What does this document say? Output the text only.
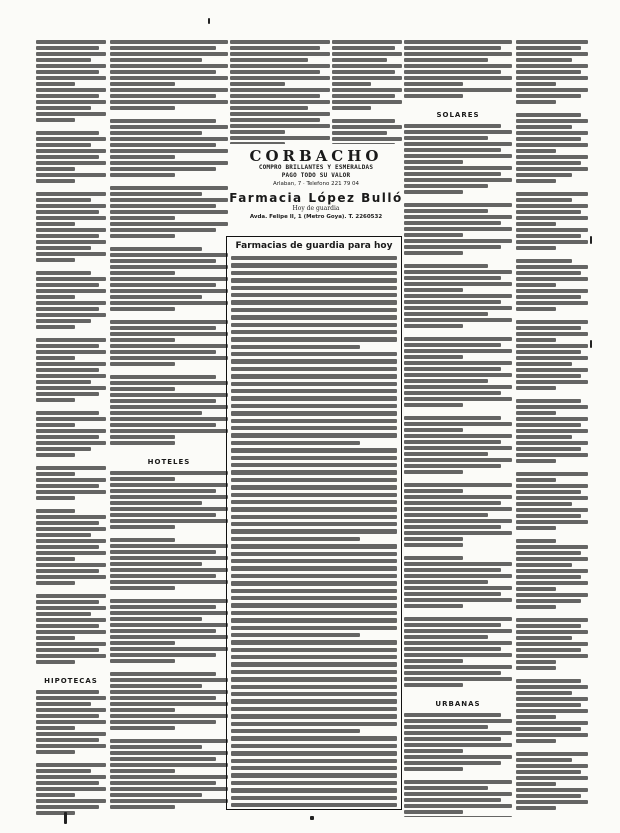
HIPOTECAS
HOTELES
SOLARES
URBANAS
CORBACHO
COMPRO BRILLANTES Y ESMERALDAS
PAGO TODO SU VALOR
Arlaban, 7 · Telefono 221 79 04
Farmacia López Bulló
Hoy de guardia
Avda. Felipe II, 1 (Metro Goya). T. 2260532
Farmacias de guardia para hoy
